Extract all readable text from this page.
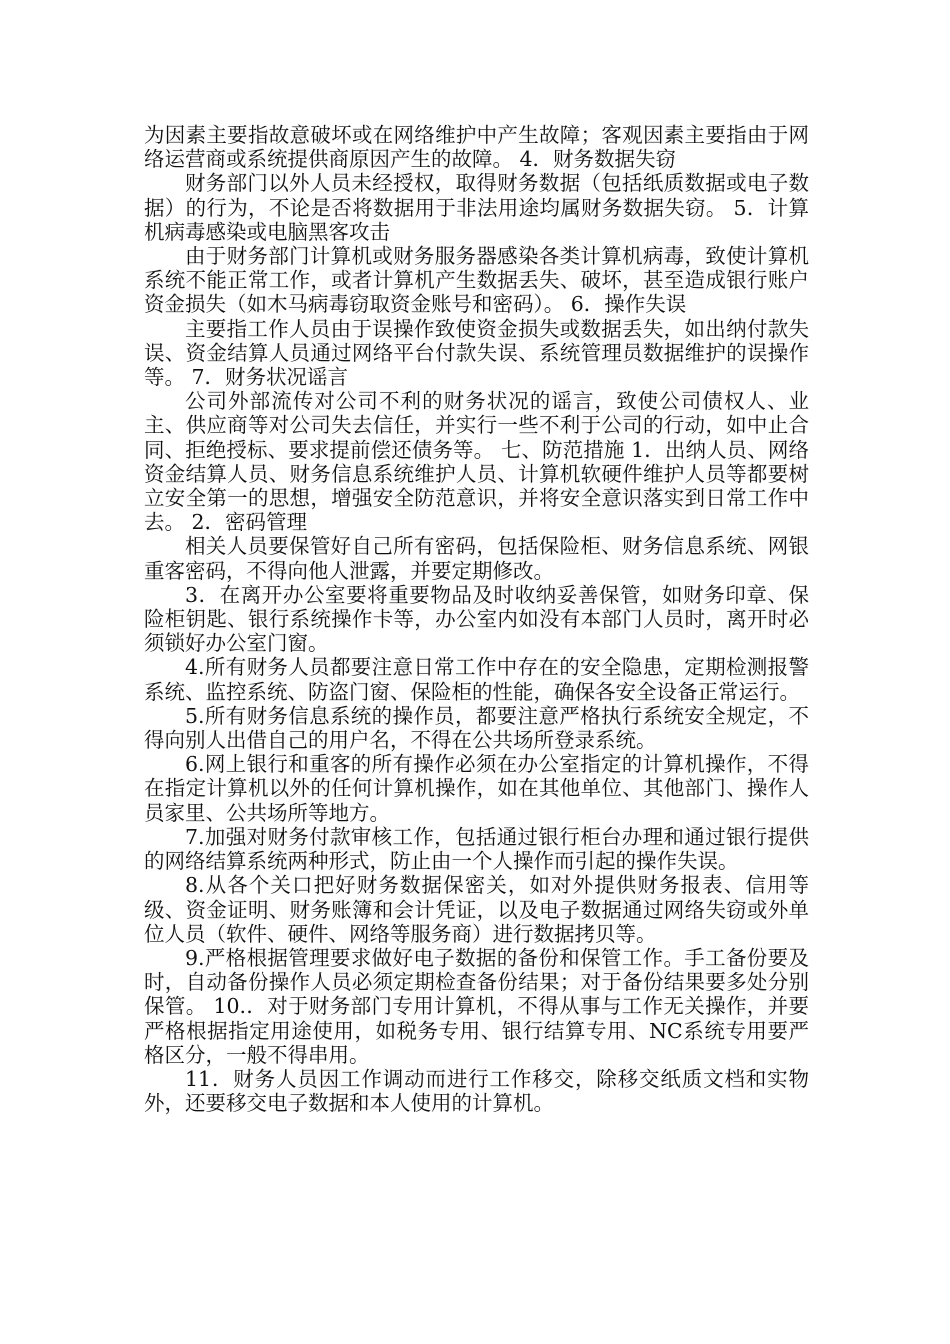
为因素主要指故意破坏或在网络维护中产生故障；客观因素主要指由于网络运营商或系统提供商原因产生的故障。 4．财务数据失窃

财务部门以外人员未经授权，取得财务数据（包括纸质数据或电子数据）的行为，不论是否将数据用于非法用途均属财务数据失窃。 5．计算机病毒感染或电脑黑客攻击

由于财务部门计算机或财务服务器感染各类计算机病毒，致使计算机系统不能正常工作，或者计算机产生数据丢失、破坏，甚至造成银行账户资金损失（如木马病毒窃取资金账号和密码）。 6．操作失误

主要指工作人员由于误操作致使资金损失或数据丢失，如出纳付款失误、资金结算人员通过网络平台付款失误、系统管理员数据维护的误操作等。 7．财务状况谣言

公司外部流传对公司不利的财务状况的谣言，致使公司债权人、业主、供应商等对公司失去信任，并实行一些不利于公司的行动，如中止合同、拒绝授标、要求提前偿还债务等。 七、防范措施 1．出纳人员、网络资金结算人员、财务信息系统维护人员、计算机软硬件维护人员等都要树立安全第一的思想，增强安全防范意识，并将安全意识落实到日常工作中去。 2．密码管理

相关人员要保管好自己所有密码，包括保险柜、财务信息系统、网银重客密码，不得向他人泄露，并要定期修改。

3．在离开办公室要将重要物品及时收纳妥善保管，如财务印章、保险柜钥匙、银行系统操作卡等，办公室内如没有本部门人员时，离开时必须锁好办公室门窗。

4.所有财务人员都要注意日常工作中存在的安全隐患，定期检测报警系统、监控系统、防盗门窗、保险柜的性能，确保各安全设备正常运行。

5.所有财务信息系统的操作员，都要注意严格执行系统安全规定，不得向别人出借自己的用户名，不得在公共场所登录系统。

6.网上银行和重客的所有操作必须在办公室指定的计算机操作，不得在指定计算机以外的任何计算机操作，如在其他单位、其他部门、操作人员家里、公共场所等地方。

7.加强对财务付款审核工作，包括通过银行柜台办理和通过银行提供的网络结算系统两种形式，防止由一个人操作而引起的操作失误。

8.从各个关口把好财务数据保密关，如对外提供财务报表、信用等级、资金证明、财务账簿和会计凭证，以及电子数据通过网络失窃或外单位人员（软件、硬件、网络等服务商）进行数据拷贝等。

9.严格根据管理要求做好电子数据的备份和保管工作。手工备份要及时，自动备份操作人员必须定期检查备份结果；对于备份结果要多处分别保管。 10.．对于财务部门专用计算机，不得从事与工作无关操作，并要严格根据指定用途使用，如税务专用、银行结算专用、NC系统专用要严格区分，一般不得串用。

11．财务人员因工作调动而进行工作移交，除移交纸质文档和实物外，还要移交电子数据和本人使用的计算机。
